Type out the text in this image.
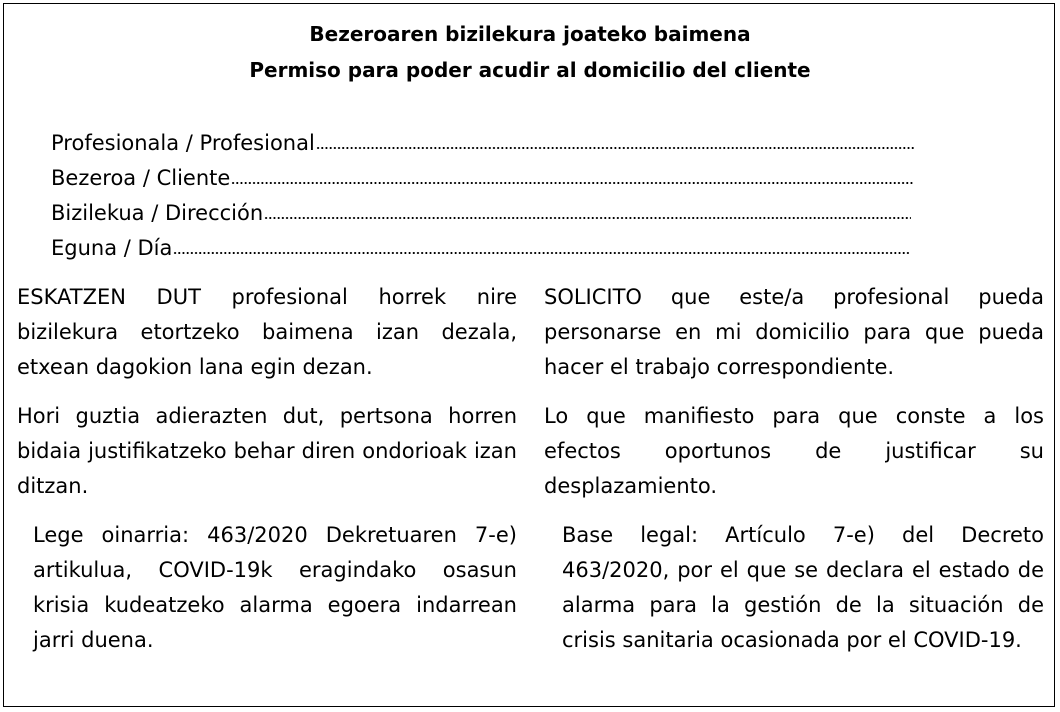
Bezeroaren bizilekura joateko baimena
Permiso para poder acudir al domicilio del cliente
Profesionala / Profesional
Bezeroa / Cliente
Bizilekua / Dirección
Eguna / Día
ESKATZEN DUT profesional horrek nire bizilekura etortzeko baimena izan dezala, etxean dagokion lana egin dezan.
SOLICITO que este/a profesional pueda personarse en mi domicilio para que pueda hacer el trabajo correspondiente.
Hori guztia adierazten dut, pertsona horren bidaia justifikatzeko behar diren ondorioak izan ditzan.
Lo que manifiesto para que conste a los efectos oportunos de justificar su desplazamiento.
Lege oinarria: 463/2020 Dekretuaren 7-e) artikulua, COVID-19k eragindako osasun krisia kudeatzeko alarma egoera indarrean jarri duena.
Base legal: Artículo 7-e) del Decreto 463/2020, por el que se declara el estado de alarma para la gestión de la situación de crisis sanitaria ocasionada por el COVID-19.
